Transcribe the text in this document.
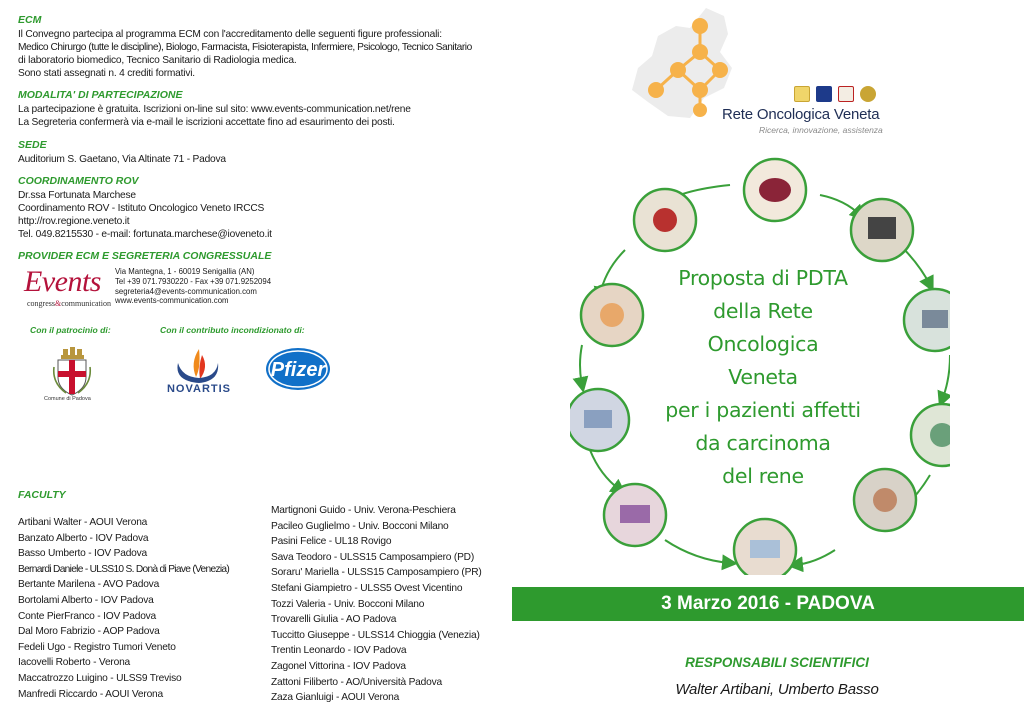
ECM
Il Convegno partecipa al programma ECM con l'accreditamento delle seguenti figure professionali:
Medico Chirurgo (tutte le discipline), Biologo, Farmacista, Fisioterapista, Infermiere, Psicologo, Tecnico Sanitario
di laboratorio biomedico, Tecnico Sanitario di Radiologia medica.
Sono stati assegnati n. 4 crediti formativi.
MODALITA' DI PARTECIPAZIONE
La partecipazione è gratuita. Iscrizioni on-line sul sito: www.events-communication.net/rene
La Segreteria confermerà via e-mail le iscrizioni accettate fino ad esaurimento dei posti.
SEDE
Auditorium S. Gaetano, Via Altinate 71 - Padova
COORDINAMENTO ROV
Dr.ssa Fortunata Marchese
Coordinamento ROV - Istituto Oncologico Veneto IRCCS
http://rov.regione.veneto.it
Tel. 049.8215530 - e-mail: fortunata.marchese@ioveneto.it
PROVIDER ECM E SEGRETERIA CONGRESSUALE
Events
congress&communication
Via Mantegna, 1 - 60019 Senigallia (AN)
Tel +39 071.7930220 - Fax +39 071.9252094
segreteria4@events-communication.com
www.events-communication.com
Con il patrocinio di:	Con il contributo incondizionato di:
Comune di Padova
NOVARTIS
Pfizer
FACULTY
Artibani Walter - AOUI Verona
Banzato Alberto - IOV Padova
Basso Umberto - IOV Padova
Bernardi Daniele - ULSS10 S. Donà di Piave (Venezia)
Bertante Marilena - AVO Padova
Bortolami Alberto - IOV Padova
Conte PierFranco - IOV Padova
Dal Moro Fabrizio - AOP Padova
Fedeli Ugo - Registro Tumori Veneto
Iacovelli Roberto - Verona
Maccatrozzo Luigino - ULSS9 Treviso
Manfredi Riccardo - AOUI Verona
Martignoni Guido - Univ. Verona-Peschiera
Pacileo Guglielmo - Univ. Bocconi Milano
Pasini Felice - UL18 Rovigo
Sava Teodoro - ULSS15 Camposampiero (PD)
Soraru' Mariella - ULSS15 Camposampiero (PR)
Stefani Giampietro - ULSS5 Ovest Vicentino
Tozzi Valeria - Univ. Bocconi Milano
Trovarelli Giulia - AO Padova
Tuccitto Giuseppe - ULSS14 Chioggia (Venezia)
Trentin Leonardo - IOV Padova
Zagonel Vittorina - IOV Padova
Zattoni Filiberto - AO/Università Padova
Zaza Gianluigi - AOUI Verona
Rete Oncologica Veneta
Ricerca, innovazione, assistenza
Proposta di PDTA
della Rete
Oncologica
Veneta
per i pazienti affetti
da carcinoma
del rene
3 Marzo 2016 - PADOVA
RESPONSABILI SCIENTIFICI
Walter Artibani, Umberto Basso
